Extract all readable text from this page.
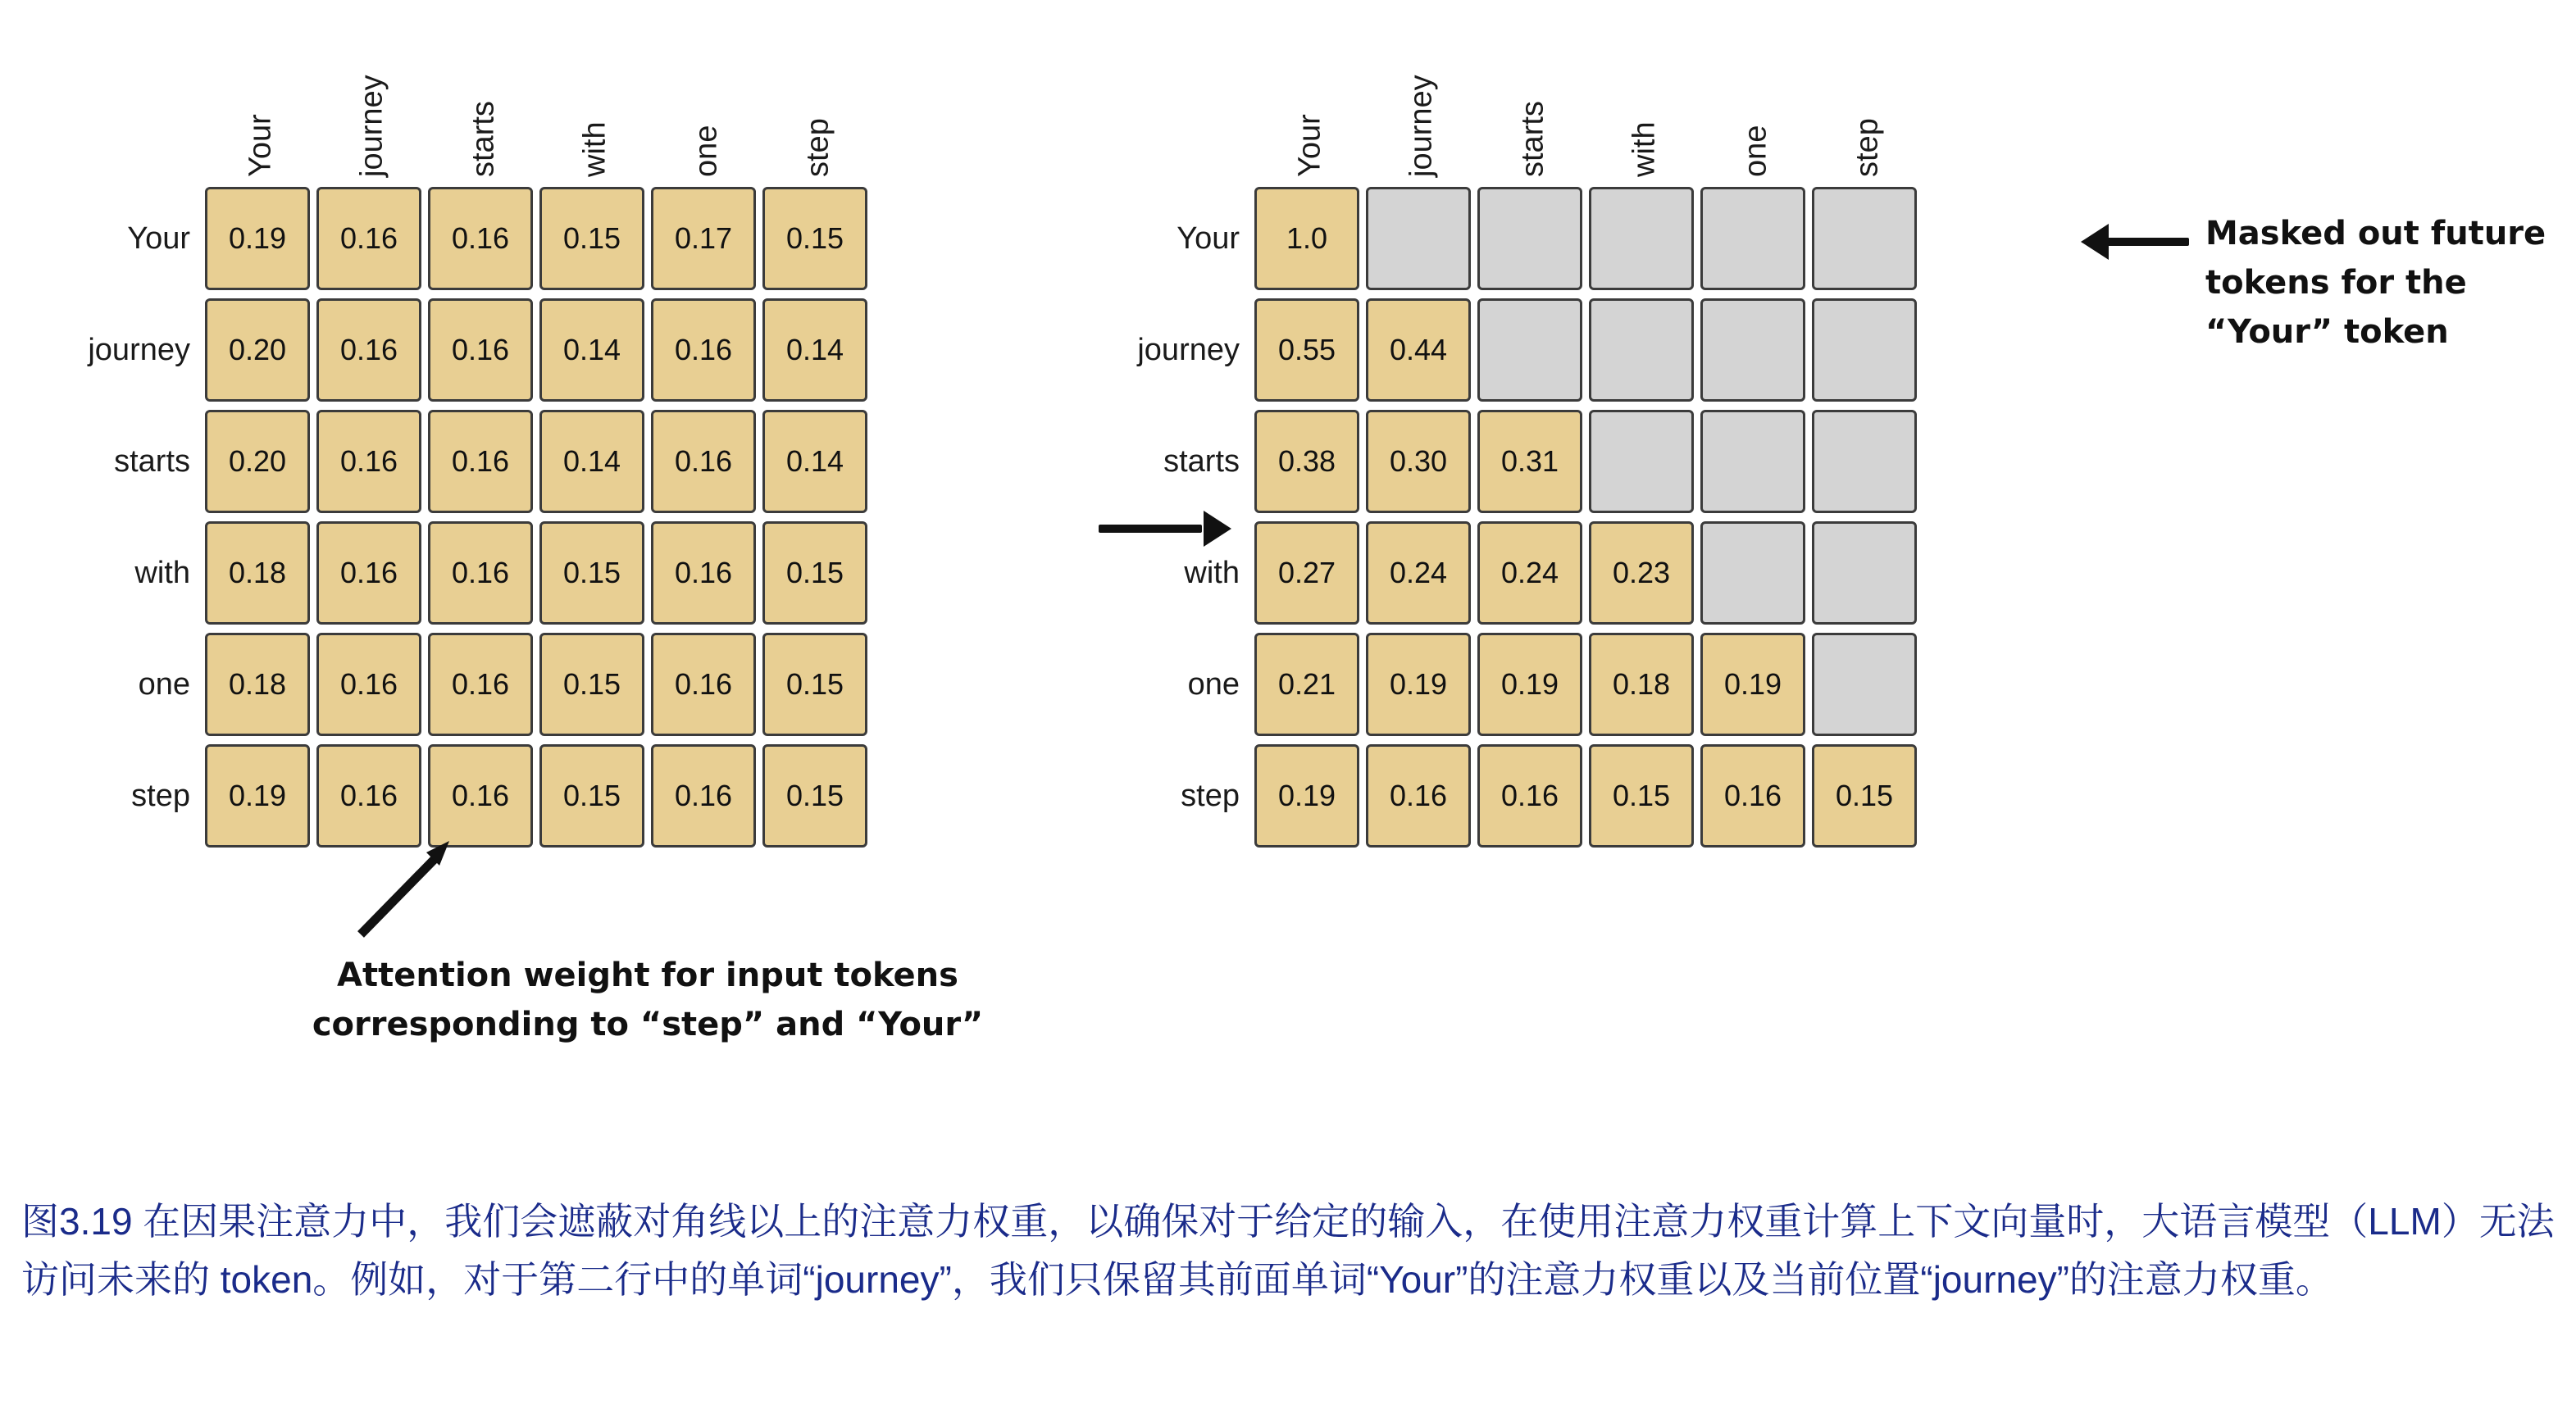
Your journey starts with one step
Your	0.19	0.16	0.16	0.15	0.17	0.15
journey	0.20	0.16	0.16	0.14	0.16	0.14
starts	0.20	0.16	0.16	0.14	0.16	0.14
with	0.18	0.16	0.16	0.15	0.16	0.15
one	0.18	0.16	0.16	0.15	0.16	0.15
step	0.19	0.16	0.16	0.15	0.16	0.15
Your journey starts with one step
Your	1.0
journey	0.55	0.44
starts	0.38	0.30	0.31
with	0.27	0.24	0.24	0.23
one	0.21	0.19	0.19	0.18	0.19
step	0.19	0.16	0.16	0.15	0.16	0.15
Masked out future tokens for the “Your” token
Attention weight for input tokens corresponding to “step” and “Your”
图3.19 在因果注意力中，我们会遮蔽对角线以上的注意力权重，以确保对于给定的输入，在使用注意力权重计算上下文向量时，大语言模型（LLM）无法访问未来的 token。例如，对于第二行中的单词“journey”，我们只保留其前面单词“Your”的注意力权重以及当前位置“journey”的注意力权重。
